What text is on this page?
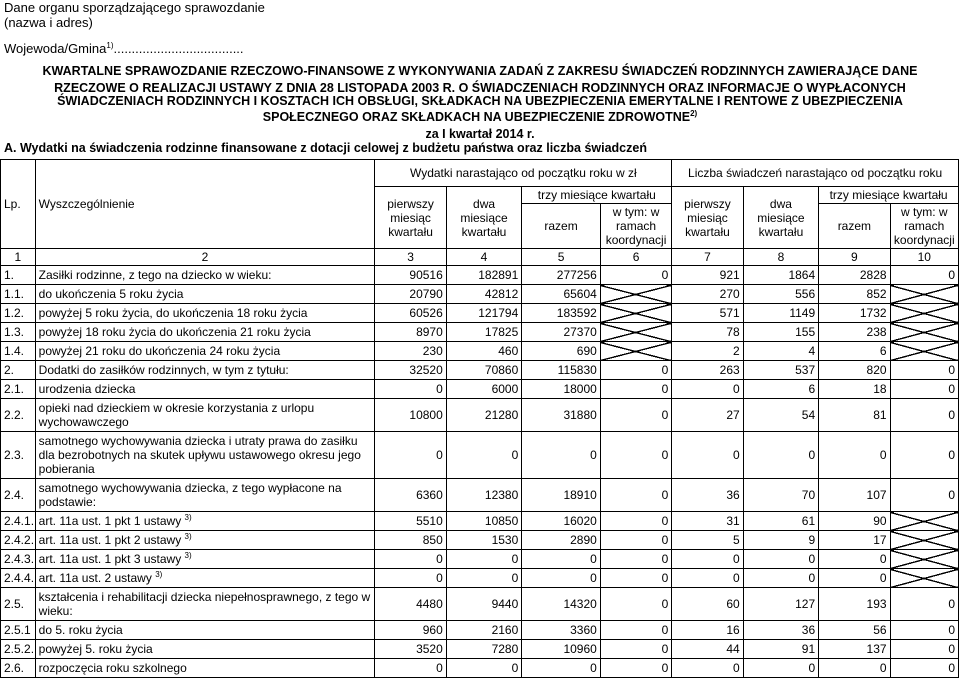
Dane organu sporządzającego sprawozdanie
(nazwa i adres)
Wojewoda/Gmina$^{1)}$....................................
KWARTALNE SPRAWOZDANIE RZECZOWO-FINANSOWE Z WYKONYWANIA ZADAŃ Z ZAKRESU ŚWIADCZEŃ RODZINNYCH ZAWIERAJĄCE DANE
RZECZOWE O REALIZACJI USTAWY Z DNIA 28 LISTOPADA 2003 R. O ŚWIADCZENIACH RODZINNYCH ORAZ INFORMACJE O WYPŁACONYCH
ŚWIADCZENIACH RODZINNYCH I KOSZTACH ICH OBSŁUGI, SKŁADKACH NA UBEZPIECZENIA EMERYTALNE I RENTOWE Z UBEZPIECZENIA
SPOŁECZNEGO ORAZ SKŁADKACH NA UBEZPIECZENIE ZDROWOTNE$^{2)}$
za I kwartał 2014 r.
A. Wydatki na świadczenia rodzinne finansowane z dotacji celowej z budżetu państwa oraz liczba świadczeń
Lp.	Wyszczególnienie	Wydatki narastająco od początku roku w zł				Liczba świadczeń narastająco od początku roku			
		pierwszy miesiąc kwartału	dwa miesiące kwartału	trzy miesiące kwartału		pierwszy miesiąc kwartału	dwa miesiące kwartału	trzy miesiące kwartału	
				razem	w tym: w ramach koordynacji			razem	w tym: w ramach koordynacji
1	2	3	4	5	6	7	8	9	10
1.	Zasiłki rodzinne, z tego na dziecko w wieku:	90516	182891	277256	0	921	1864	2828	0
1.1.	do ukończenia 5 roku życia	20790	42812	65604		270	556	852	
1.2.	powyżej 5 roku życia, do ukończenia 18 roku życia	60526	121794	183592		571	1149	1732	
1.3.	powyżej 18 roku życia do ukończenia 21 roku życia	8970	17825	27370		78	155	238	
1.4.	powyżej 21 roku do ukończenia 24 roku życia	230	460	690		2	4	6	
2.	Dodatki do zasiłków rodzinnych, w tym z tytułu:	32520	70860	115830	0	263	537	820	0
2.1.	urodzenia dziecka	0	6000	18000	0	0	6	18	0
2.2.	opieki nad dzieckiem w okresie korzystania z urlopu wychowawczego	10800	21280	31880	0	27	54	81	0
2.3.	samotnego wychowywania dziecka i utraty prawa do zasiłku dla bezrobotnych na skutek upływu ustawowego okresu jego pobierania	0	0	0	0	0	0	0	0
2.4.	samotnego wychowywania dziecka, z tego wypłacone na podstawie:	6360	12380	18910	0	36	70	107	0
2.4.1.	art. 11a ust. 1 pkt 1 ustawy $^{3)}$	5510	10850	16020	0	31	61	90	
2.4.2.	art. 11a ust. 1 pkt 2 ustawy $^{3)}$	850	1530	2890	0	5	9	17	
2.4.3.	art. 11a ust. 1 pkt 3 ustawy $^{3)}$	0	0	0	0	0	0	0	
2.4.4.	art. 11a ust. 2 ustawy $^{3)}$	0	0	0	0	0	0	0	
2.5.	kształcenia i rehabilitacji dziecka niepełnosprawnego, z tego w wieku:	4480	9440	14320	0	60	127	193	0
2.5.1	do 5. roku życia	960	2160	3360	0	16	36	56	0
2.5.2.	powyżej 5. roku życia	3520	7280	10960	0	44	91	137	0
2.6.	rozpoczęcia roku szkolnego	0	0	0	0	0	0	0	0
